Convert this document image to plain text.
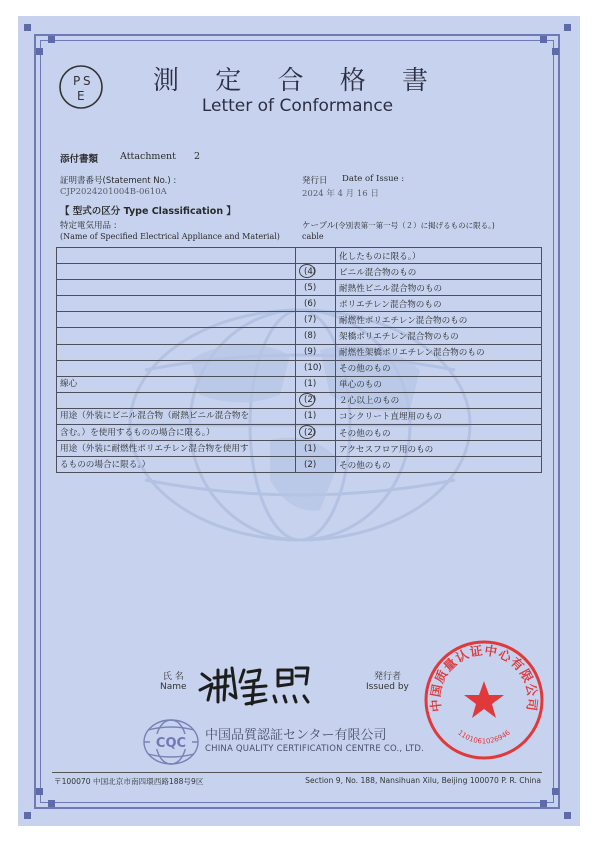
P S
E	測 定 合 格 書
Letter of Conformance
添付書類 Attachment 2
証明書番号(Statement No.) :
CJP2024201004B-0610A
発行日 Date of Issue :
2024 年 4 月 16 日
【 型式の区分 Type Classification 】
特定電気用品 :
(Name of Specified Electrical Appliance and Material)
ケーブル(令別表第一第一号（２）に掲げるものに限る。)
cable
		化したものに限る。）
	(4)	ビニル混合物のもの
	(5)	耐熱性ビニル混合物のもの
	(6)	ポリエチレン混合物のもの
	(7)	耐燃性ポリエチレン混合物のもの
	(8)	架橋ポリエチレン混合物のもの
	(9)	耐燃性架橋ポリエチレン混合物のもの
	(10)	その他のもの
線心	(1)	単心のもの
	(2)	２心以上のもの
用途（外装にビニル混合物（耐熱ビニル混合物を	(1)	コンクリート直埋用のもの
含む。）を使用するものの場合に限る。）	(2)	その他のもの
用途（外装に耐燃性ポリエチレン混合物を使用す	(1)	アクセスフロア用のもの
るものの場合に限る。）	(2)	その他のもの
氏 名
Name
発行者
Issued by
中国质量认证中心有限公司
1101061026946
CQC
中国品質認証センター有限公司
CHINA QUALITY CERTIFICATION CENTRE CO., LTD.
〒100070 中国北京市南四環西路188号9区	Section 9, No. 188, Nansihuan Xilu, Beijing 100070 P. R. China
